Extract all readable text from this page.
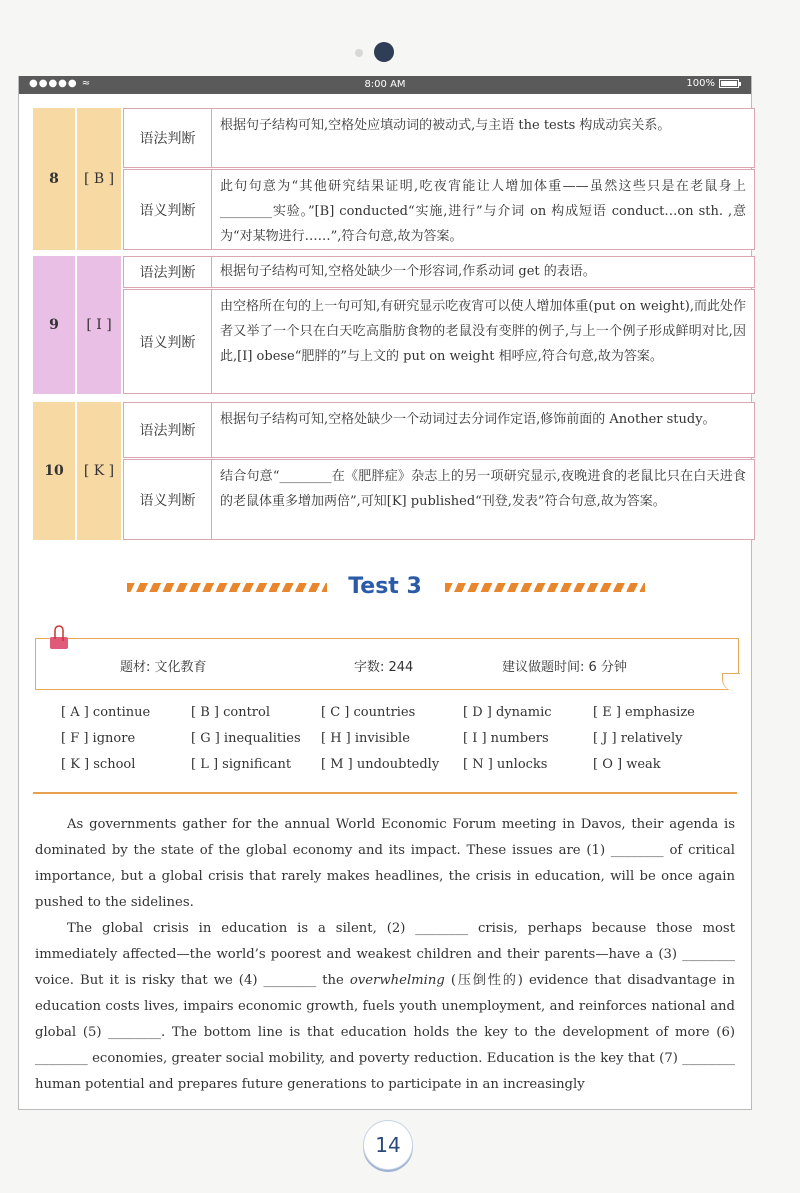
●●●●● ≈	8:00 AM	100%
8	[ B ]
语法判断
根据句子结构可知,空格处应填动词的被动式,与主语 the tests 构成动宾关系。
语义判断
此句句意为“其他研究结果证明,吃夜宵能让人增加体重——虽然这些只是在老鼠身上________实验。”[B] conducted“实施,进行”与介词 on 构成短语 conduct…on sth. ,意为“对某物进行……”,符合句意,故为答案。
9	[ I ]
语法判断	根据句子结构可知,空格处缺少一个形容词,作系动词 get 的表语。
语义判断
由空格所在句的上一句可知,有研究显示吃夜宵可以使人增加体重(put on weight),而此处作者又举了一个只在白天吃高脂肪食物的老鼠没有变胖的例子,与上一个例子形成鲜明对比,因此,[I] obese“肥胖的”与上文的 put on weight 相呼应,符合句意,故为答案。
10	[ K ]
语法判断
根据句子结构可知,空格处缺少一个动词过去分词作定语,修饰前面的 Another study。
语义判断
结合句意“________在《肥胖症》杂志上的另一项研究显示,夜晚进食的老鼠比只在白天进食的老鼠体重多增加两倍”,可知[K] published“刊登,发表”符合句意,故为答案。
Test 3
题材: 文化教育	字数: 244	建议做题时间: 6 分钟
[ A ] continue	[ B ] control	[ C ] countries	[ D ] dynamic	[ E ] emphasize
[ F ] ignore	[ G ] inequalities [ H ] invisible	[ I ] numbers	[ J ] relatively
[ K ] school	[ L ] significant [ M ] undoubtedly [ N ] unlocks	[ O ] weak

As governments gather for the annual World Economic Forum meeting in Davos, their agenda is dominated by the state of the global economy and its impact. These issues are (1) ________ of critical importance, but a global crisis that rarely makes headlines, the crisis in education, will be once again pushed to the sidelines.

The global crisis in education is a silent, (2) ________ crisis, perhaps because those most immediately affected—the world’s poorest and weakest children and their parents—have a (3) ________ voice. But it is risky that we (4) ________ the overwhelming (压倒性的) evidence that disadvantage in education costs lives, impairs economic growth, fuels youth unemployment, and reinforces national and global (5) ________. The bottom line is that education holds the key to the development of more (6) ________ economies, greater social mobility, and poverty reduction. Education is the key that (7) ________ human potential and prepares future generations to participate in an increasingly

14
